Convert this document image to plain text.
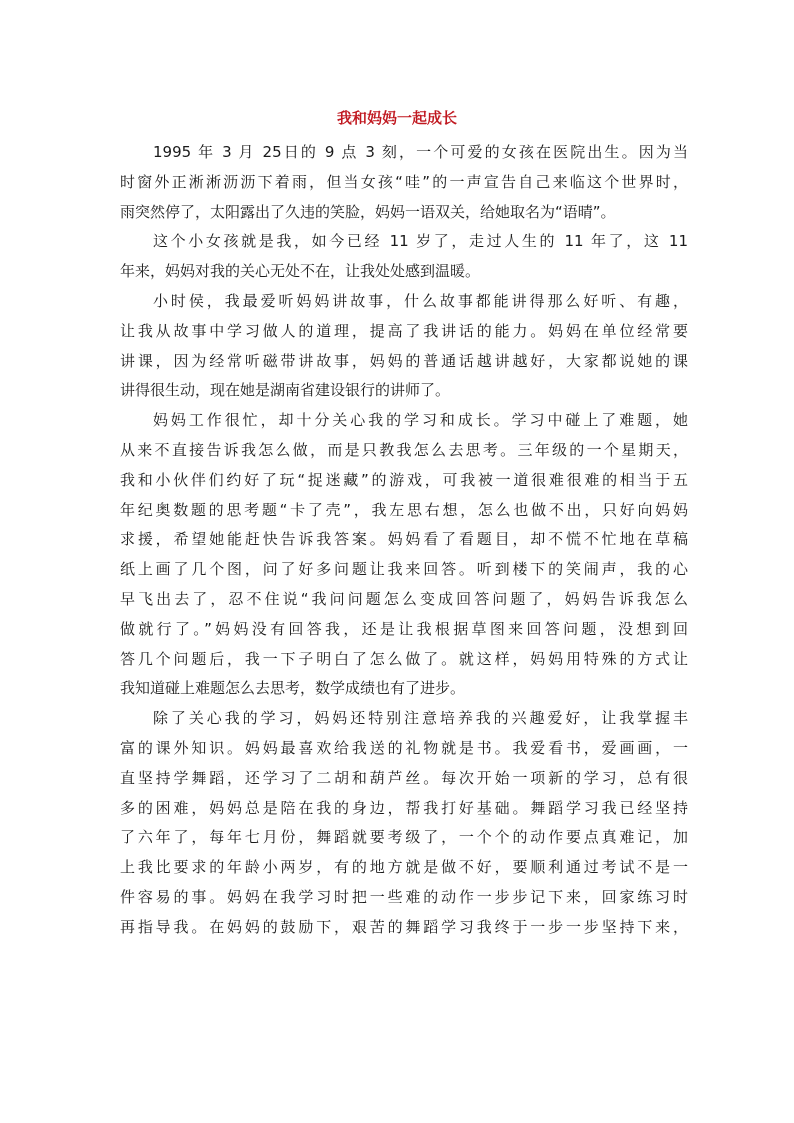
我和妈妈一起成长
1995 年 3 月 25日的 9 点 3 刻，一个可爱的女孩在医院出生。因为当
时窗外正淅淅沥沥下着雨，但当女孩“哇”的一声宣告自己来临这个世界时，
雨突然停了，太阳露出了久违的笑脸，妈妈一语双关，给她取名为“语晴”。
这个小女孩就是我，如今已经 11 岁了，走过人生的 11 年了，这 11
年来，妈妈对我的关心无处不在，让我处处感到温暖。
小时侯，我最爱听妈妈讲故事，什么故事都能讲得那么好听、有趣，
让我从故事中学习做人的道理，提高了我讲话的能力。妈妈在单位经常要
讲课，因为经常听磁带讲故事，妈妈的普通话越讲越好，大家都说她的课
讲得很生动，现在她是湖南省建设银行的讲师了。
妈妈工作很忙，却十分关心我的学习和成长。学习中碰上了难题，她
从来不直接告诉我怎么做，而是只教我怎么去思考。三年级的一个星期天，
我和小伙伴们约好了玩“捉迷藏”的游戏，可我被一道很难很难的相当于五
年纪奥数题的思考题“卡了壳”，我左思右想，怎么也做不出，只好向妈妈
求援，希望她能赶快告诉我答案。妈妈看了看题目，却不慌不忙地在草稿
纸上画了几个图，问了好多问题让我来回答。听到楼下的笑闹声，我的心
早飞出去了，忍不住说“我问问题怎么变成回答问题了，妈妈告诉我怎么
做就行了。”妈妈没有回答我，还是让我根据草图来回答问题，没想到回
答几个问题后，我一下子明白了怎么做了。就这样，妈妈用特殊的方式让
我知道碰上难题怎么去思考，数学成绩也有了进步。
除了关心我的学习，妈妈还特别注意培养我的兴趣爱好，让我掌握丰
富的课外知识。妈妈最喜欢给我送的礼物就是书。我爱看书，爱画画，一
直坚持学舞蹈，还学习了二胡和葫芦丝。每次开始一项新的学习，总有很
多的困难，妈妈总是陪在我的身边，帮我打好基础。舞蹈学习我已经坚持
了六年了，每年七月份，舞蹈就要考级了，一个个的动作要点真难记，加
上我比要求的年龄小两岁，有的地方就是做不好，要顺利通过考试不是一
件容易的事。妈妈在我学习时把一些难的动作一步步记下来，回家练习时
再指导我。在妈妈的鼓励下，艰苦的舞蹈学习我终于一步一步坚持下来，
